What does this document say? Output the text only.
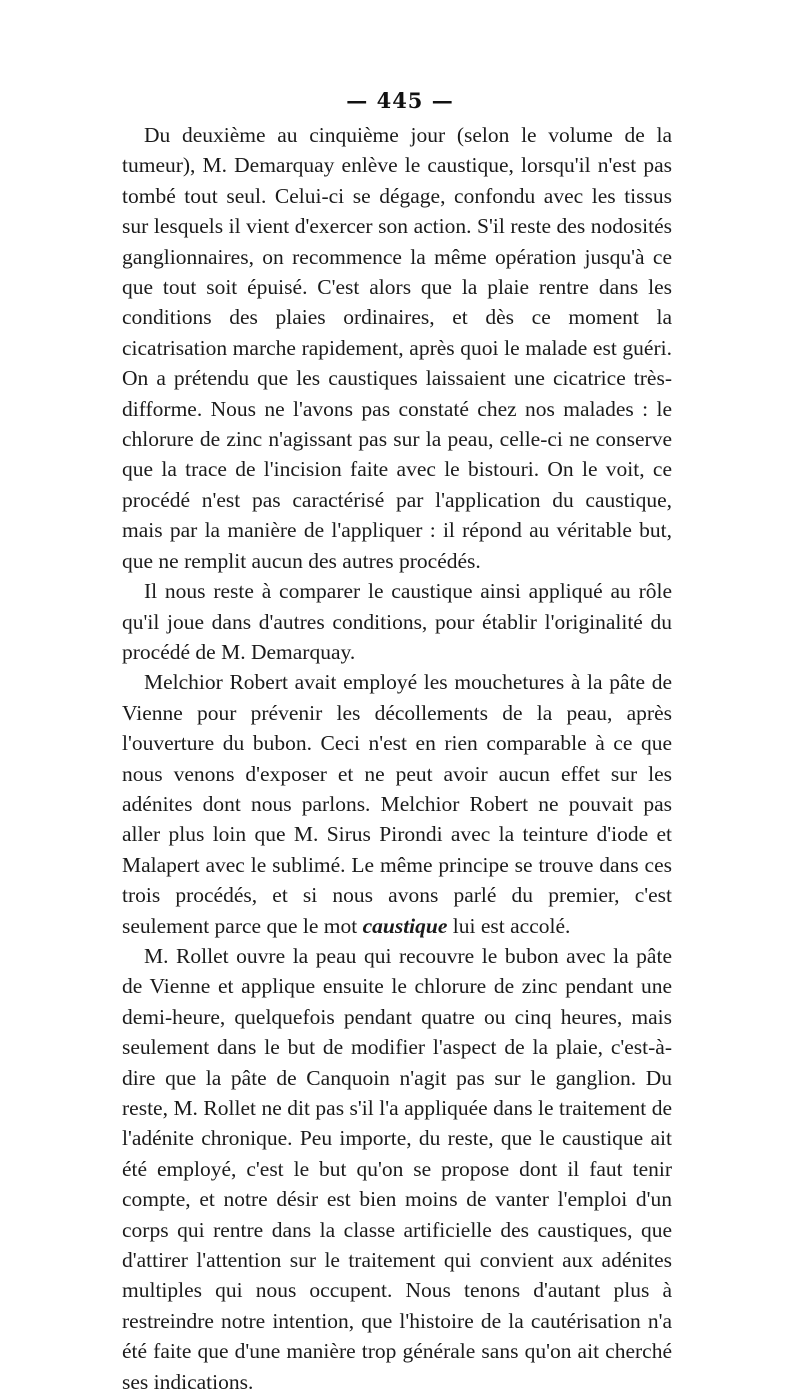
— 445 —

Du deuxième au cinquième jour (selon le volume de la tumeur), M. Demarquay enlève le caustique, lorsqu'il n'est pas tombé tout seul. Celui-ci se dégage, confondu avec les tissus sur lesquels il vient d'exercer son action. S'il reste des nodosités ganglionnaires, on recommence la même opération jusqu'à ce que tout soit épuisé. C'est alors que la plaie rentre dans les conditions des plaies ordinaires, et dès ce moment la cicatrisation marche rapidement, après quoi le malade est guéri. On a prétendu que les caustiques laissaient une cicatrice très-difforme. Nous ne l'avons pas constaté chez nos malades : le chlorure de zinc n'agissant pas sur la peau, celle-ci ne conserve que la trace de l'incision faite avec le bistouri. On le voit, ce procédé n'est pas caractérisé par l'application du caustique, mais par la manière de l'appliquer : il répond au véritable but, que ne remplit aucun des autres procédés.

Il nous reste à comparer le caustique ainsi appliqué au rôle qu'il joue dans d'autres conditions, pour établir l'originalité du procédé de M. Demarquay.

Melchior Robert avait employé les mouchetures à la pâte de Vienne pour prévenir les décollements de la peau, après l'ouverture du bubon. Ceci n'est en rien comparable à ce que nous venons d'exposer et ne peut avoir aucun effet sur les adénites dont nous parlons. Melchior Robert ne pouvait pas aller plus loin que M. Sirus Pirondi avec la teinture d'iode et Malapert avec le sublimé. Le même principe se trouve dans ces trois procédés, et si nous avons parlé du premier, c'est seulement parce que le mot caustique lui est accolé.

M. Rollet ouvre la peau qui recouvre le bubon avec la pâte de Vienne et applique ensuite le chlorure de zinc pendant une demi-heure, quelquefois pendant quatre ou cinq heures, mais seulement dans le but de modifier l'aspect de la plaie, c'est-à-dire que la pâte de Canquoin n'agit pas sur le ganglion. Du reste, M. Rollet ne dit pas s'il l'a appliquée dans le traitement de l'adénite chronique. Peu importe, du reste, que le caustique ait été employé, c'est le but qu'on se propose dont il faut tenir compte, et notre désir est bien moins de vanter l'emploi d'un corps qui rentre dans la classe artificielle des caustiques, que d'attirer l'attention sur le traitement qui convient aux adénites multiples qui nous occupent. Nous tenons d'autant plus à restreindre notre intention, que l'histoire de la cautérisation n'a été faite que d'une manière trop générale sans qu'on ait cherché ses indications.
